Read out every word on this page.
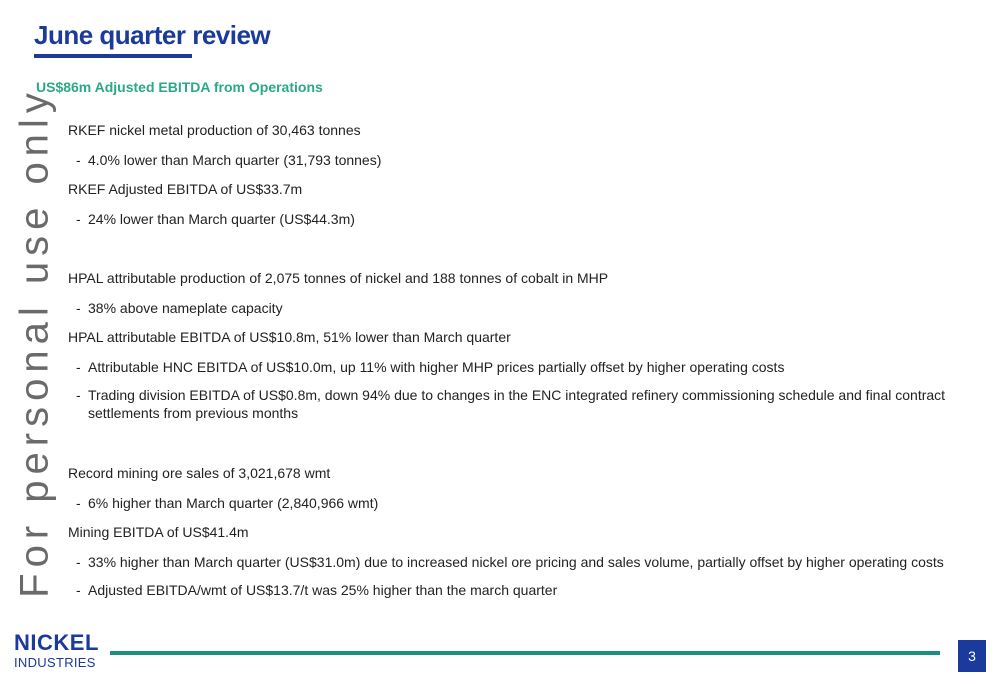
June quarter review
US$86m Adjusted EBITDA from Operations

RKEF nickel metal production of 30,463 tonnes

- 4.0% lower than March quarter (31,793 tonnes)

RKEF Adjusted EBITDA of US$33.7m

- 24% lower than March quarter (US$44.3m)

HPAL attributable production of 2,075 tonnes of nickel and 188 tonnes of cobalt in MHP

- 38% above nameplate capacity

HPAL attributable EBITDA of US$10.8m, 51% lower than March quarter

- Attributable HNC EBITDA of US$10.0m, up 11% with higher MHP prices partially offset by higher operating costs

- Trading division EBITDA of US$0.8m, down 94% due to changes in the ENC integrated refinery commissioning schedule and final contract settlements from previous months

Record mining ore sales of 3,021,678 wmt

- 6% higher than March quarter (2,840,966 wmt)

Mining EBITDA of US$41.4m

- 33% higher than March quarter (US$31.0m) due to increased nickel ore pricing and sales volume, partially offset by higher operating costs

- Adjusted EBITDA/wmt of US$13.7/t was 25% higher than the march quarter

For personal use only
NICKEL
INDUSTRIES	3
